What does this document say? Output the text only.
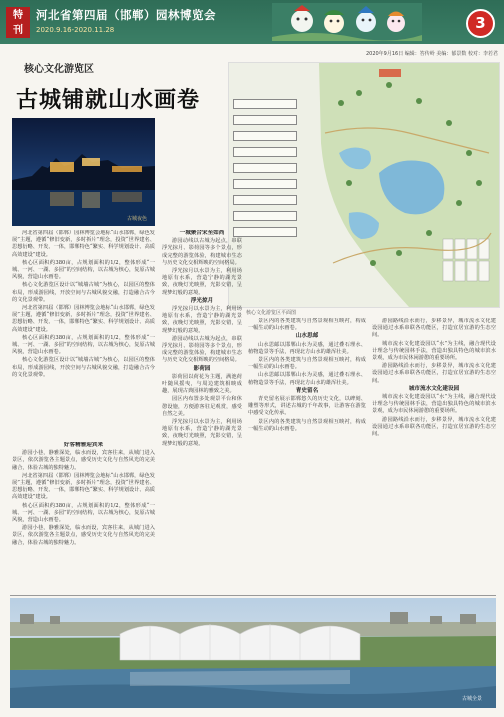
特刊
河北省第四届（邯郸）园林博览会
2020.9.16-2020.11.28	3
2020年9月16日 编辑：答传岭 美编：郁景数 校对：李若君
核心文化游览区
古城铺就山水画卷
古城夜色
核心文化游览区平面图

河北省第四届（邯郸）园林博览会地标“山水邯郸，绿色发展”主题，遵循“修旧变新，多时拆片”理念，投资“世界建名、思想衍略、开发、一体，邯郸特色“繁实、科学规划设计、高质高效建设”建设。

核心区面积约380亩，占规划面积的1/2，整体形成“一城、一河、一湖、多园”的空间结构，以古城为核心，复原古城风貌，营造山水画卷。

核心文化游览区设计以“城墙古城”为核心，以园区的整体布局，形成游园线，开放空间与古城风貌交融，打造融合古今的文化景观带。

河北省第四届（邯郸）园林博览会地标“山水邯郸，绿色发展”主题，遵循“修旧变新，多时拆片”理念，投资“世界建名、思想衍略、开发、一体，邯郸特色“繁实、科学规划设计、高质高效建设”建设。

核心区面积约380亩，占规划面积的1/2，整体形成“一城、一河、一湖、多园”的空间结构，以古城为核心，复原古城风貌，营造山水画卷。

核心文化游览区设计以“城墙古城”为核心，以园区的整体布局，形成游园线，开放空间与古城风貌交融，打造融合古今的文化景观带。

好客精雅迎宾来

游园小巷，静雅深处，临水而设，宾客往来，从城门进入景区，依次游览各主题景点，感受历史文化与自然风光的完美融合，体验古城的独特魅力。

河北省第四届（邯郸）园林博览会地标“山水邯郸，绿色发展”主题，遵循“修旧变新，多时拆片”理念，投资“世界建名、思想衍略、开发、一体，邯郸特色“繁实、科学规划设计、高质高效建设”建设。

核心区面积约380亩，占规划面积的1/2，整体形成“一城、一河、一湖、多园”的空间结构，以古城为核心，复原古城风貌，营造山水画卷。

游园小巷，静雅深处，临水而设，宾客往来，从城门进入景区，依次游览各主题景点，感受历史文化与自然风光的完美融合，体验古城的独特魅力。

一城聚合宋至如尚

游园动线以古城为起点，串联浮光掠月、影荷园等多个景点，形成完整的游览体验，构建城市生态与历史文化交相辉映的空间格局。

浮光掠月以水景为主，利用场地原有水系，营造宁静的湖光景致，夜晚灯光映照，光影交错，呈现梦幻般的意境。

浮光掠月

浮光掠月以水景为主，利用场地原有水系，营造宁静的湖光景致，夜晚灯光映照，光影交错，呈现梦幻般的意境。

游园动线以古城为起点，串联浮光掠月、影荷园等多个景点，形成完整的游览体验，构建城市生态与历史文化交相辉映的空间格局。

影荷园

影荷园以荷花为主题，满池荷叶随风摇曳，与周边建筑相映成趣，展现古典园林的雅致之美。

园区内布置多处观景平台和休憩设施，方便游客驻足观赏，感受自然之美。

浮光掠月以水景为主，利用场地原有水系，营造宁静的湖光景致，夜晚灯光映照，光影交错，呈现梦幻般的意境。

景区内的各类建筑与自然景观相互映衬，构成一幅生动的山水画卷。

山水思邮

山水思邮以邯郸山水为灵感，通过叠石理水、植物造景等手法，再现北方山水的雄浑壮美。

景区内的各类建筑与自然景观相互映衬，构成一幅生动的山水画卷。

山水思邮以邯郸山水为灵感，通过叠石理水、植物造景等手法，再现北方山水的雄浑壮美。

青史留名

青史留名展示邯郸悠久的历史文化，以碑刻、雕塑等形式，讲述古城的千年故事，让游客在游览中感受文化传承。

景区内的各类建筑与自然景观相互映衬，构成一幅生动的山水画卷。

游园路线沿水而行，步移景异，城市流水文化建设园通过水系串联各功能区，打造宜居宜游的生态空间。

城市流水文化建设园以“水”为主线，融合现代设计理念与传统园林手法，营造出独具特色的城市滨水景观，成为市民休闲游憩的重要场所。

游园路线沿水而行，步移景异，城市流水文化建设园通过水系串联各功能区，打造宜居宜游的生态空间。

城市流水文化建设园

城市流水文化建设园以“水”为主线，融合现代设计理念与传统园林手法，营造出独具特色的城市滨水景观，成为市民休闲游憩的重要场所。

游园路线沿水而行，步移景异，城市流水文化建设园通过水系串联各功能区，打造宜居宜游的生态空间。

古城全景
